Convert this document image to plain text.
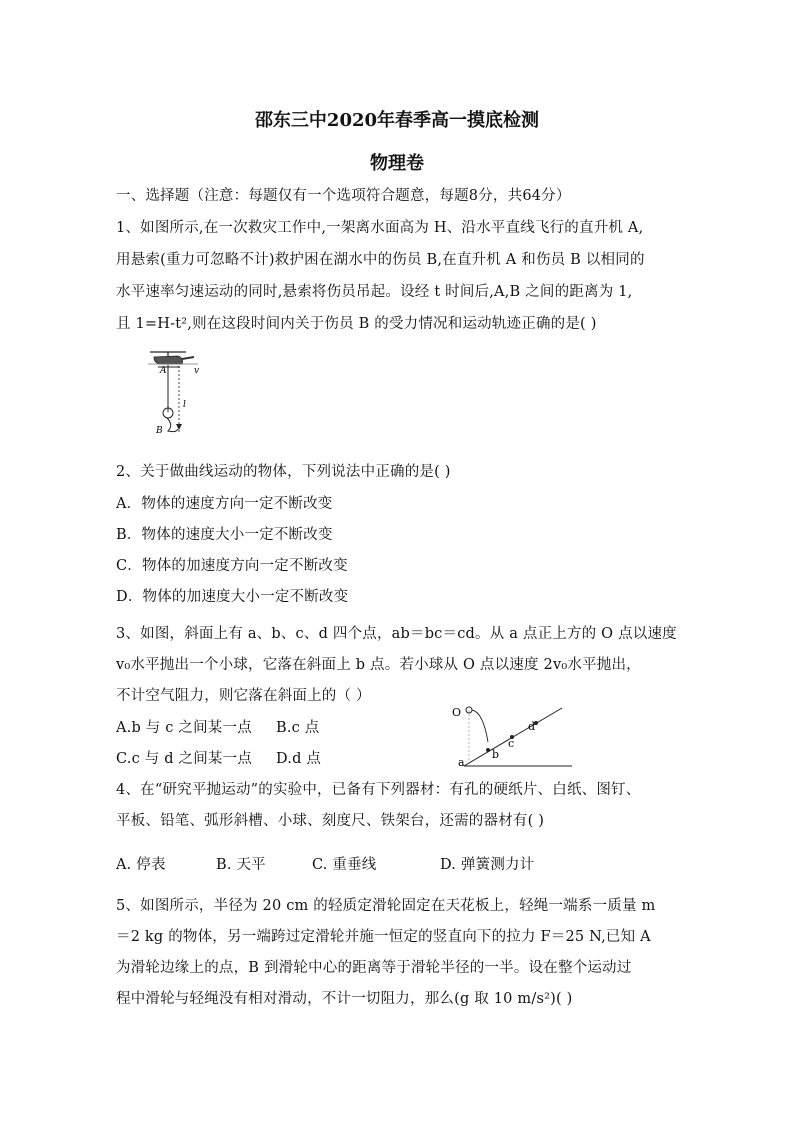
邵东三中2020年春季高一摸底检测
物理卷
一、选择题（注意：每题仅有一个选项符合题意，每题8分，共64分）
1、如图所示,在一次救灾工作中,一架离水面高为 H、沿水平直线飞行的直升机 A,
用悬索(重力可忽略不计)救护困在湖水中的伤员 B,在直升机 A 和伤员 B 以相同的
水平速率匀速运动的同时,悬索将伤员吊起。设经 t 时间后,A,B 之间的距离为 1,
且 1=H-t²,则在这段时间内关于伤员 B 的受力情况和运动轨迹正确的是( )
A	v
l
B
2、关于做曲线运动的物体，下列说法中正确的是( )
A．物体的速度方向一定不断改变
B．物体的速度大小一定不断改变
C．物体的加速度方向一定不断改变
D．物体的加速度大小一定不断改变
3、如图，斜面上有 a、b、c、d 四个点，ab＝bc＝cd。从 a 点正上方的 O 点以速度
v₀水平抛出一个小球，它落在斜面上 b 点。若小球从 O 点以速度 2v₀水平抛出，
不计空气阻力，则它落在斜面上的（ ）
A.b 与 c 之间某一点 B.c 点
C.c 与 d 之间某一点 D.d 点
O
a
b
c
d
4、在“研究平抛运动”的实验中，已备有下列器材：有孔的硬纸片、白纸、图钉、
平板、铅笔、弧形斜槽、小球、刻度尺、铁架台，还需的器材有( )
A. 停表	B. 天平	C. 重垂线	D. 弹簧测力计
5、如图所示，半径为 20 cm 的轻质定滑轮固定在天花板上，轻绳一端系一质量 m
＝2 kg 的物体，另一端跨过定滑轮并施一恒定的竖直向下的拉力 F＝25 N,已知 A
为滑轮边缘上的点，B 到滑轮中心的距离等于滑轮半径的一半。设在整个运动过
程中滑轮与轻绳没有相对滑动，不计一切阻力，那么(g 取 10 m/s²)( )
